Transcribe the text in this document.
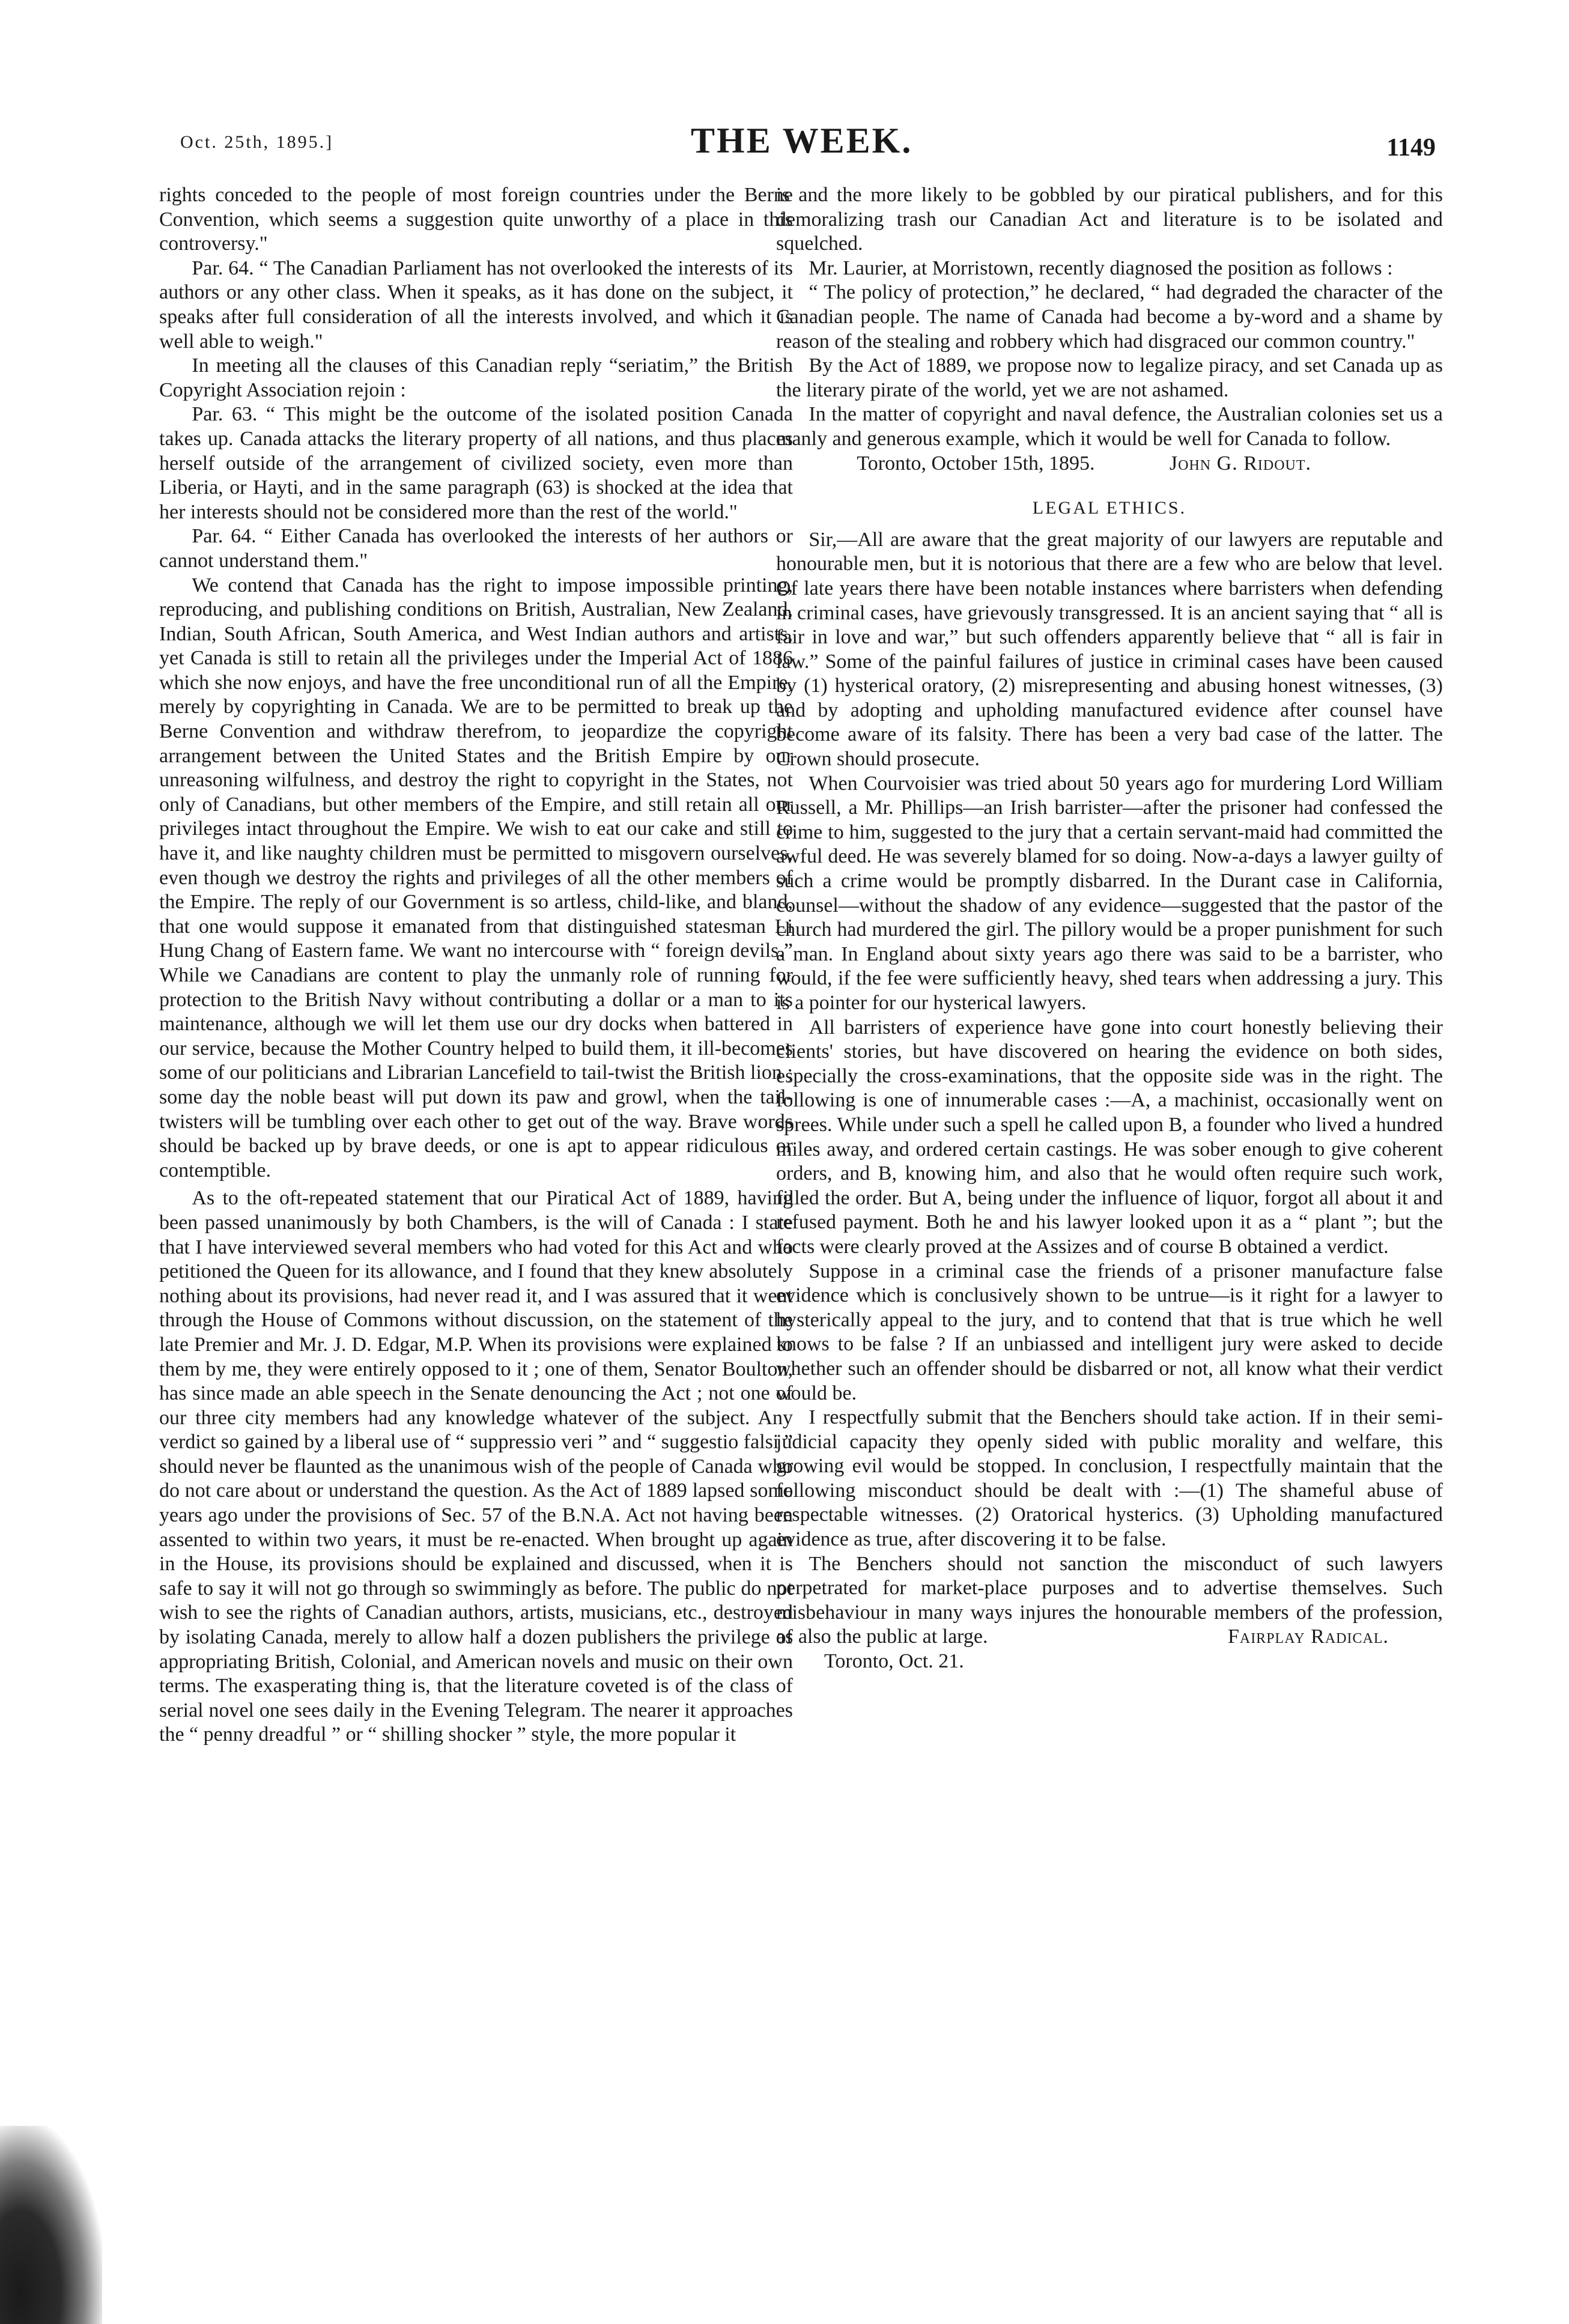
Oct. 25th, 1895.]	THE WEEK.	1149

rights conceded to the people of most foreign countries under the Berne Convention, which seems a suggestion quite unworthy of a place in this controversy."

Par. 64. “ The Canadian Parliament has not overlooked the interests of its authors or any other class. When it speaks, as it has done on the subject, it speaks after full consideration of all the interests involved, and which it is well able to weigh."

In meeting all the clauses of this Canadian reply “seriatim,” the British Copyright Association rejoin :

Par. 63. “ This might be the outcome of the isolated position Canada takes up. Canada attacks the literary property of all nations, and thus places herself outside of the arrangement of civilized society, even more than Liberia, or Hayti, and in the same paragraph (63) is shocked at the idea that her interests should not be considered more than the rest of the world."

Par. 64. “ Either Canada has overlooked the interests of her authors or cannot understand them."

We contend that Canada has the right to impose impossible printing, reproducing, and publishing conditions on British, Australian, New Zealand, Indian, South African, South America, and West Indian authors and artists, yet Canada is still to retain all the privileges under the Imperial Act of 1886 which she now enjoys, and have the free unconditional run of all the Empire, merely by copyrighting in Canada. We are to be permitted to break up the Berne Convention and withdraw therefrom, to jeopardize the copyright arrangement between the United States and the British Empire by our unreasoning wilfulness, and destroy the right to copyright in the States, not only of Canadians, but other members of the Empire, and still retain all our privileges intact throughout the Empire. We wish to eat our cake and still to have it, and like naughty children must be permitted to misgovern ourselves, even though we destroy the rights and privileges of all the other members of the Empire. The reply of our Government is so artless, child-like, and bland, that one would suppose it emanated from that distinguished statesman Li Hung Chang of Eastern fame. We want no intercourse with “ foreign devils.” While we Canadians are content to play the unmanly role of running for protection to the British Navy without contributing a dollar or a man to its maintenance, although we will let them use our dry docks when battered in our service, because the Mother Country helped to build them, it ill-becomes some of our politicians and Librarian Lancefield to tail-twist the British lion ; some day the noble beast will put down its paw and growl, when the tail-twisters will be tumbling over each other to get out of the way. Brave words should be backed up by brave deeds, or one is apt to appear ridiculous or contemptible.

As to the oft-repeated statement that our Piratical Act of 1889, having been passed unanimously by both Chambers, is the will of Canada : I state that I have interviewed several members who had voted for this Act and who petitioned the Queen for its allowance, and I found that they knew absolutely nothing about its provisions, had never read it, and I was assured that it went through the House of Commons without discussion, on the statement of the late Premier and Mr. J. D. Edgar, M.P. When its provisions were explained to them by me, they were entirely opposed to it ; one of them, Senator Boulton, has since made an able speech in the Senate denouncing the Act ; not one of our three city members had any knowledge whatever of the subject. Any verdict so gained by a liberal use of “ suppressio veri ” and “ suggestio falsi ” should never be flaunted as the unanimous wish of the people of Canada who do not care about or understand the question. As the Act of 1889 lapsed some years ago under the provisions of Sec. 57 of the B.N.A. Act not having been assented to within two years, it must be re-enacted. When brought up again in the House, its provisions should be explained and discussed, when it is safe to say it will not go through so swimmingly as before. The public do not wish to see the rights of Canadian authors, artists, musicians, etc., destroyed by isolating Canada, merely to allow half a dozen publishers the privilege of appropriating British, Colonial, and American novels and music on their own terms. The exasperating thing is, that the literature coveted is of the class of serial novel one sees daily in the Evening Telegram. The nearer it approaches the “ penny dreadful ” or “ shilling shocker ” style, the more popular it

is and the more likely to be gobbled by our piratical publishers, and for this demoralizing trash our Canadian Act and literature is to be isolated and squelched.

Mr. Laurier, at Morristown, recently diagnosed the position as follows :

“ The policy of protection,” he declared, “ had degraded the character of the Canadian people. The name of Canada had become a by-word and a shame by reason of the stealing and robbery which had disgraced our common country."

By the Act of 1889, we propose now to legalize piracy, and set Canada up as the literary pirate of the world, yet we are not ashamed.

In the matter of copyright and naval defence, the Australian colonies set us a manly and generous example, which it would be well for Canada to follow.

Toronto, October 15th, 1895.	John G. Ridout.

LEGAL ETHICS.

Sir,—All are aware that the great majority of our lawyers are reputable and honourable men, but it is notorious that there are a few who are below that level. Of late years there have been notable instances where barristers when defending in criminal cases, have grievously transgressed. It is an ancient saying that “ all is fair in love and war,” but such offenders apparently believe that “ all is fair in law.” Some of the painful failures of justice in criminal cases have been caused by (1) hysterical oratory, (2) misrepresenting and abusing honest witnesses, (3) and by adopting and upholding manufactured evidence after counsel have become aware of its falsity. There has been a very bad case of the latter. The Crown should prosecute.

When Courvoisier was tried about 50 years ago for murdering Lord William Russell, a Mr. Phillips—an Irish barrister—after the prisoner had confessed the crime to him, suggested to the jury that a certain servant-maid had committed the awful deed. He was severely blamed for so doing. Now-a-days a lawyer guilty of such a crime would be promptly disbarred. In the Durant case in California, counsel—without the shadow of any evidence—suggested that the pastor of the church had murdered the girl. The pillory would be a proper punishment for such a man. In England about sixty years ago there was said to be a barrister, who would, if the fee were sufficiently heavy, shed tears when addressing a jury. This is a pointer for our hysterical lawyers.

All barristers of experience have gone into court honestly believing their clients' stories, but have discovered on hearing the evidence on both sides, especially the cross-examinations, that the opposite side was in the right. The following is one of innumerable cases :—A, a machinist, occasionally went on sprees. While under such a spell he called upon B, a founder who lived a hundred miles away, and ordered certain castings. He was sober enough to give coherent orders, and B, knowing him, and also that he would often require such work, filled the order. But A, being under the influence of liquor, forgot all about it and refused payment. Both he and his lawyer looked upon it as a “ plant ”; but the facts were clearly proved at the Assizes and of course B obtained a verdict.

Suppose in a criminal case the friends of a prisoner manufacture false evidence which is conclusively shown to be untrue—is it right for a lawyer to hysterically appeal to the jury, and to contend that that is true which he well knows to be false ? If an unbiassed and intelligent jury were asked to decide whether such an offender should be disbarred or not, all know what their verdict would be.

I respectfully submit that the Benchers should take action. If in their semi-judicial capacity they openly sided with public morality and welfare, this growing evil would be stopped. In conclusion, I respectfully maintain that the following misconduct should be dealt with :—(1) The shameful abuse of respectable witnesses. (2) Oratorical hysterics. (3) Upholding manufactured evidence as true, after discovering it to be false.

The Benchers should not sanction the misconduct of such lawyers perpetrated for market-place purposes and to advertise themselves. Such misbehaviour in many ways injures the honourable members of the profession, as also the public at large.	Fairplay Radical.

Toronto, Oct. 21.
